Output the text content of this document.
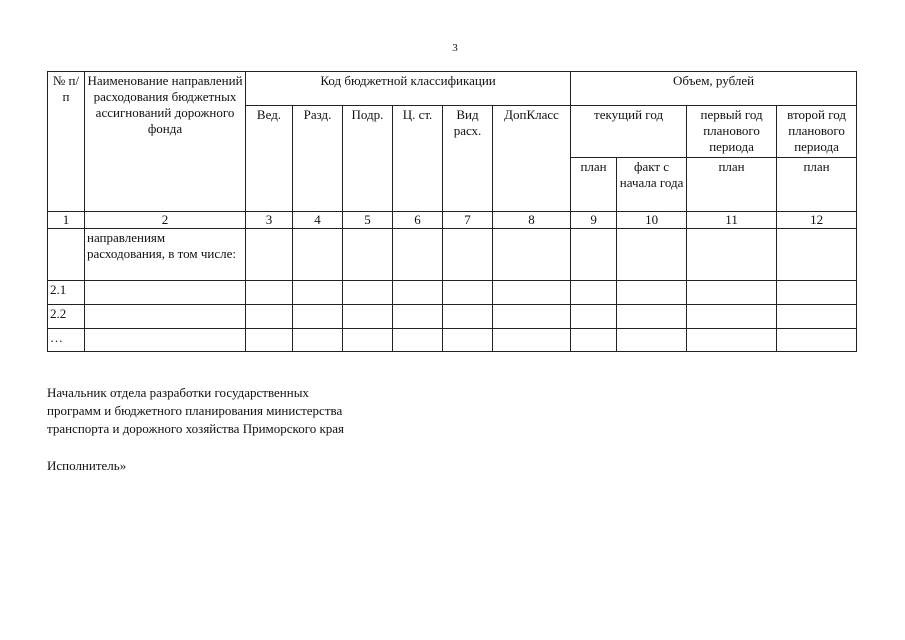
3
№ п/п	Наименование направлений расходования бюджетных ассигнований дорожного фонда	Код бюджетной классификации						Объем, рублей			
		Вед.	Разд.	Подр.	Ц. ст.	Вид расх.	ДопКласс	текущий год		первый год планового периода	второй год планового периода
								план	факт с начала года	план	план
1	2	3	4	5	6	7	8	9	10	11	12
	направлениям расходования, в том числе:										
2.1											
2.2											
…											
Начальник отдела разработки государственных
программ и бюджетного планирования министерства
транспорта и дорожного хозяйства Приморского края
Исполнитель»
